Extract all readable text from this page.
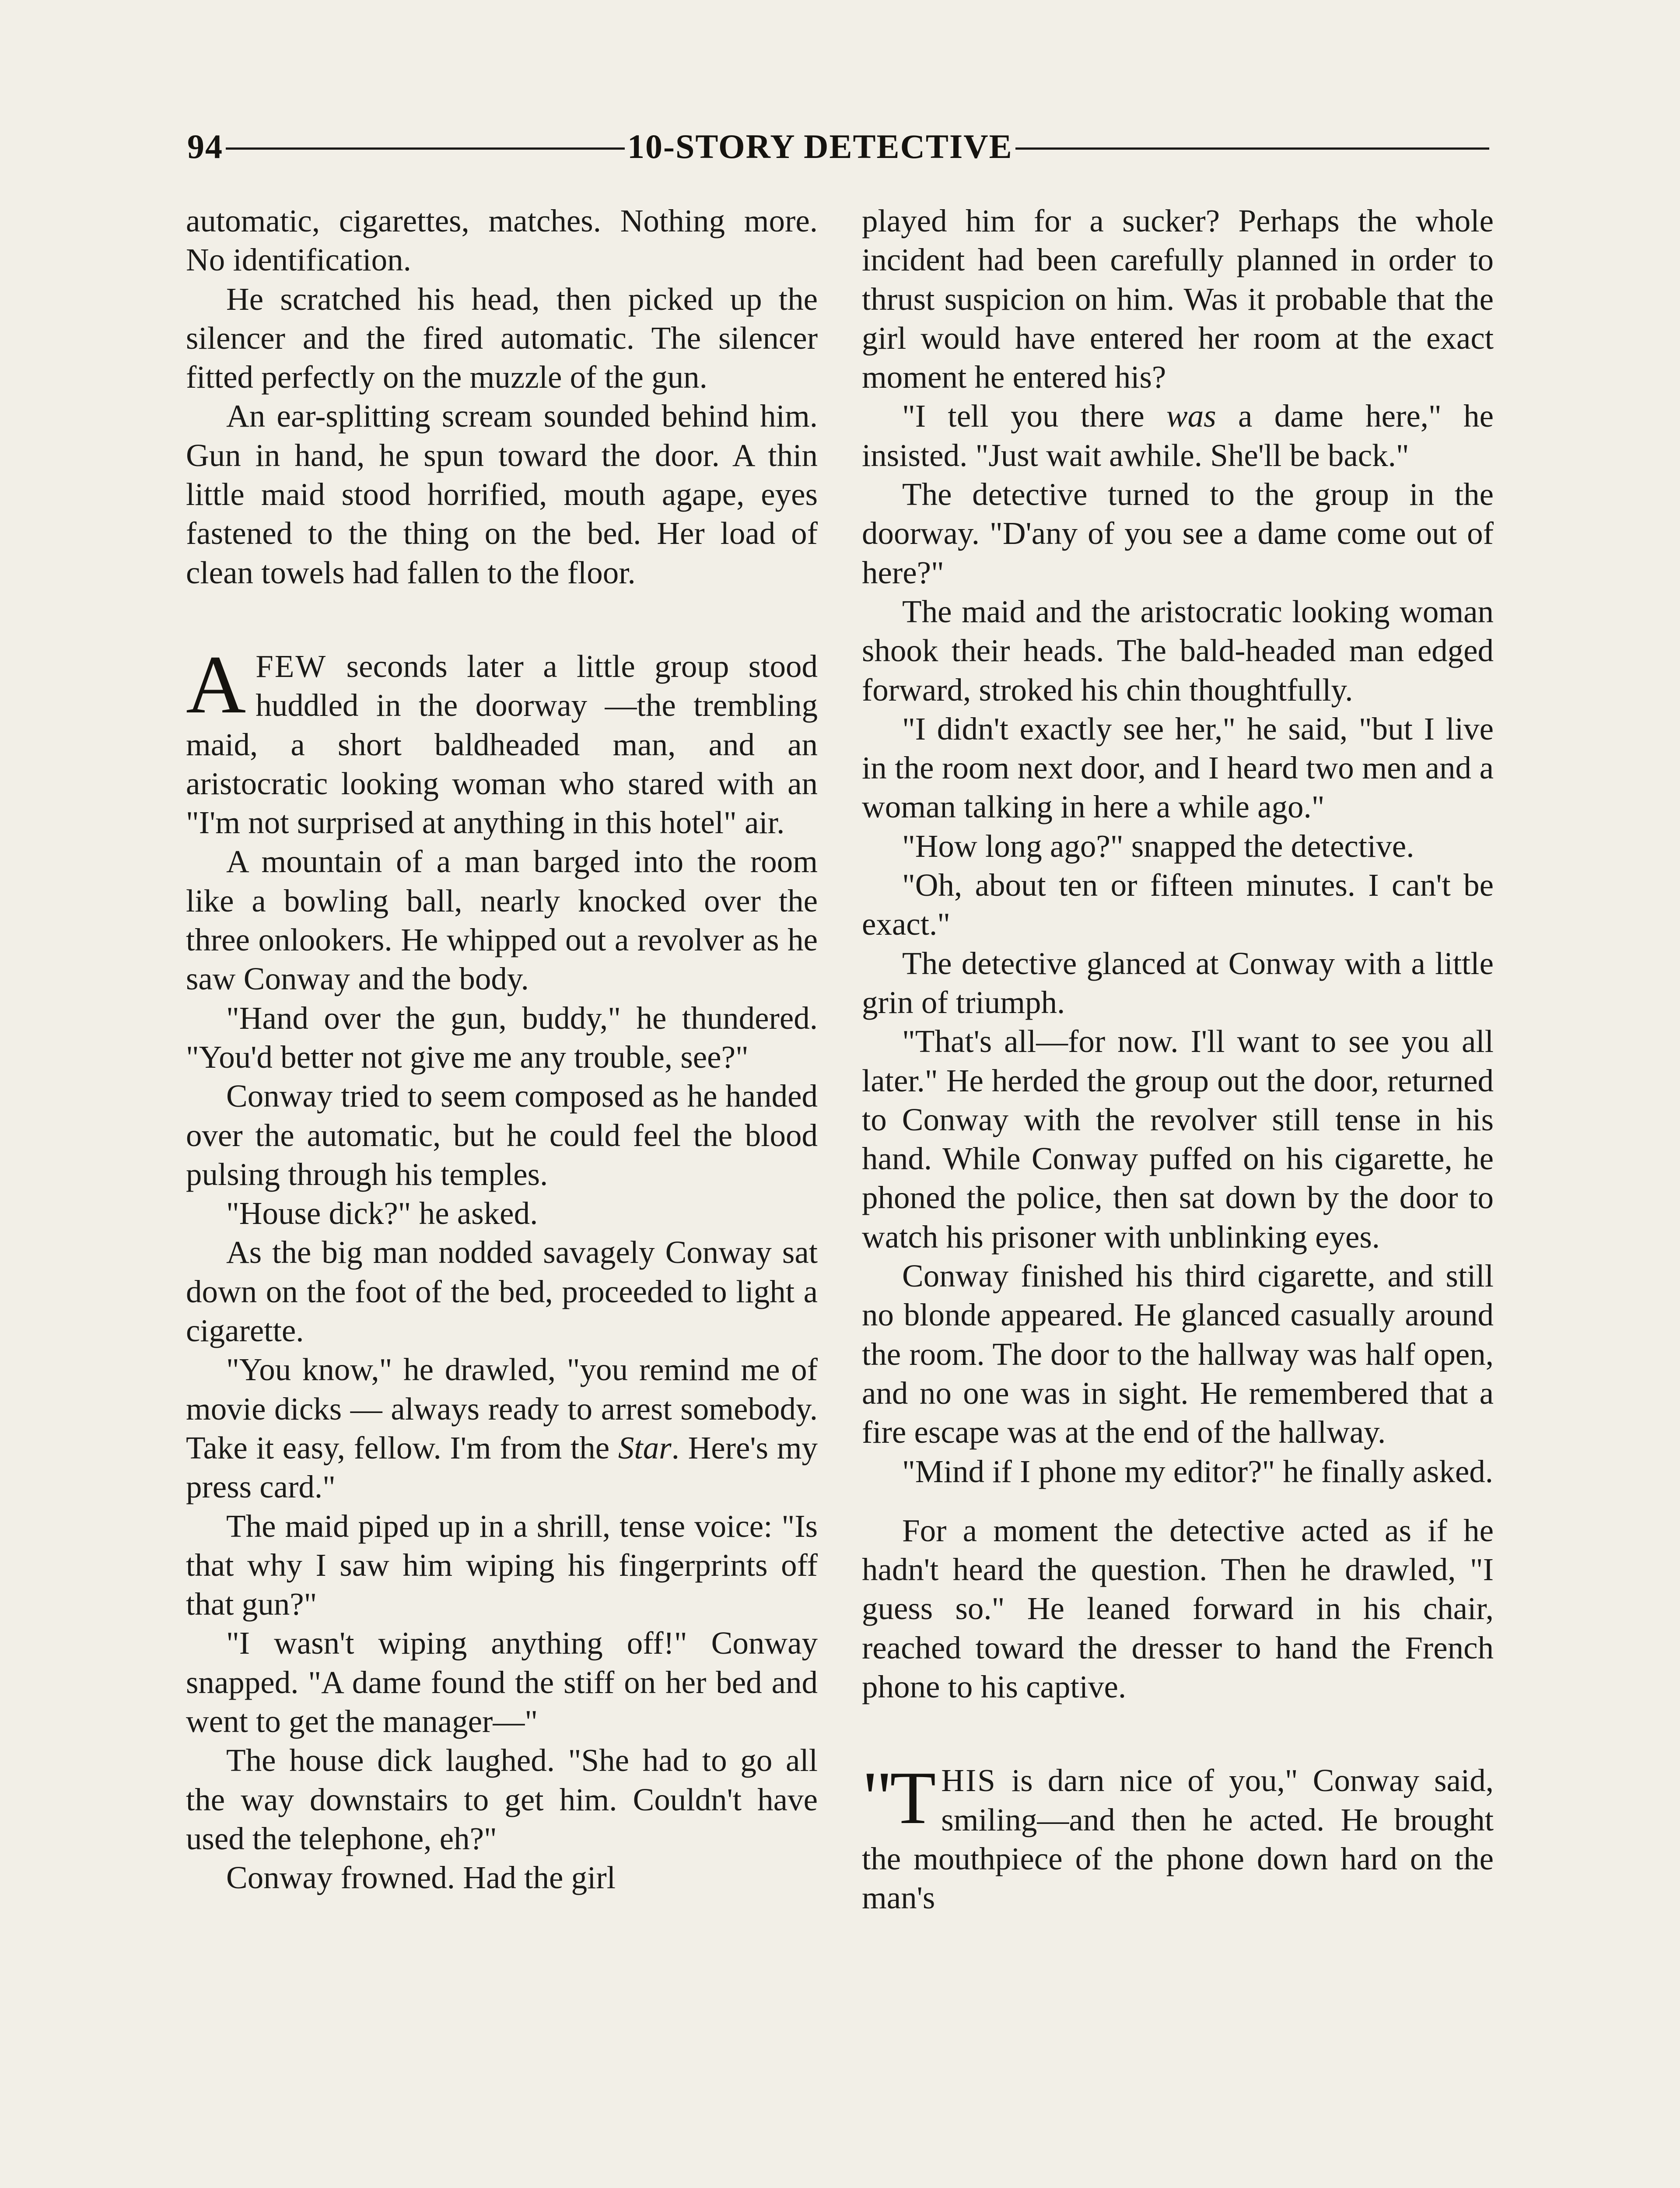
94	10-STORY DETECTIVE

automatic, cigarettes, matches. Nothing more. No identification.

He scratched his head, then picked up the silencer and the fired automatic. The silencer fitted perfectly on the muzzle of the gun.

An ear-splitting scream sounded behind him. Gun in hand, he spun toward the door. A thin little maid stood horrified, mouth agape, eyes fastened to the thing on the bed. Her load of clean towels had fallen to the floor.

AFEW seconds later a little group stood huddled in the doorway —the trembling maid, a short baldheaded man, and an aristocratic looking woman who stared with an "I'm not surprised at anything in this hotel" air.

A mountain of a man barged into the room like a bowling ball, nearly knocked over the three onlookers. He whipped out a revolver as he saw Conway and the body.

"Hand over the gun, buddy," he thundered. "You'd better not give me any trouble, see?"

Conway tried to seem composed as he handed over the automatic, but he could feel the blood pulsing through his temples.

"House dick?" he asked.

As the big man nodded savagely Conway sat down on the foot of the bed, proceeded to light a cigarette.

"You know," he drawled, "you remind me of movie dicks — always ready to arrest somebody. Take it easy, fellow. I'm from the Star. Here's my press card."

The maid piped up in a shrill, tense voice: "Is that why I saw him wiping his fingerprints off that gun?"

"I wasn't wiping anything off!" Conway snapped. "A dame found the stiff on her bed and went to get the manager—"

The house dick laughed. "She had to go all the way downstairs to get him. Couldn't have used the telephone, eh?"

Conway frowned. Had the girl

played him for a sucker? Perhaps the whole incident had been carefully planned in order to thrust suspicion on him. Was it probable that the girl would have entered her room at the exact moment he entered his?

"I tell you there was a dame here," he insisted. "Just wait awhile. She'll be back."

The detective turned to the group in the doorway. "D'any of you see a dame come out of here?"

The maid and the aristocratic looking woman shook their heads. The bald-headed man edged forward, stroked his chin thoughtfully.

"I didn't exactly see her," he said, "but I live in the room next door, and I heard two men and a woman talking in here a while ago."

"How long ago?" snapped the detective.

"Oh, about ten or fifteen minutes. I can't be exact."

The detective glanced at Conway with a little grin of triumph.

"That's all—for now. I'll want to see you all later." He herded the group out the door, returned to Conway with the revolver still tense in his hand. While Conway puffed on his cigarette, he phoned the police, then sat down by the door to watch his prisoner with unblinking eyes.

Conway finished his third cigarette, and still no blonde appeared. He glanced casually around the room. The door to the hallway was half open, and no one was in sight. He remembered that a fire escape was at the end of the hallway.

"Mind if I phone my editor?" he finally asked.

For a moment the detective acted as if he hadn't heard the question. Then he drawled, "I guess so." He leaned forward in his chair, reached toward the dresser to hand the French phone to his captive.

"THIS is darn nice of you," Conway said, smiling—and then he acted. He brought the mouthpiece of the phone down hard on the man's
